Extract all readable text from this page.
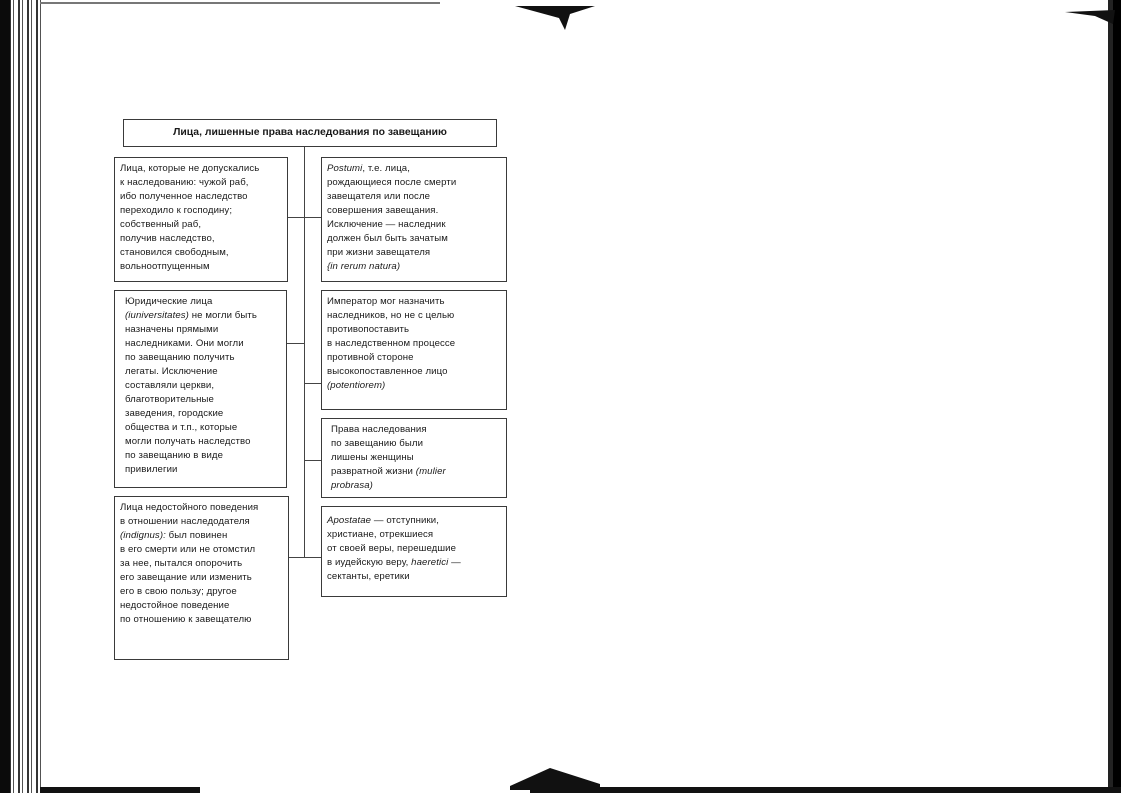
Лица, лишенные права наследования по завещанию
Лица, которые не допускались
к наследованию: чужой раб,
ибо полученное наследство
переходило к господину;
собственный раб,
получив наследство,
становился свободным,
вольноотпущенным
Юридические лица
(iuniversitates) не могли быть
назначены прямыми
наследниками. Они могли
по завещанию получить
легаты. Исключение
составляли церкви,
благотворительные
заведения, городские
общества и т.п., которые
могли получать наследство
по завещанию в виде
привилегии
Лица недостойного поведения
в отношении наследодателя
(indignus): был повинен
в его смерти или не отомстил
за нее, пытался опорочить
его завещание или изменить
его в свою пользу; другое
недостойное поведение
по отношению к завещателю
Postumi, т.е. лица,
рождающиеся после смерти
завещателя или после
совершения завещания.
Исключение — наследник
должен был быть зачатым
при жизни завещателя
{in rerum natura)
Император мог назначить
наследников, но не с целью
противопоставить
в наследственном процессе
противной стороне
высокопоставленное лицо
(potentiorem)
Права наследования
по завещанию были
лишены женщины
развратной жизни (mulier
probrasa)
Apostatae — отступники,
христиане, отрекшиеся
от своей веры, перешедшие
в иудейскую веру, haeretici —
сектанты, еретики
